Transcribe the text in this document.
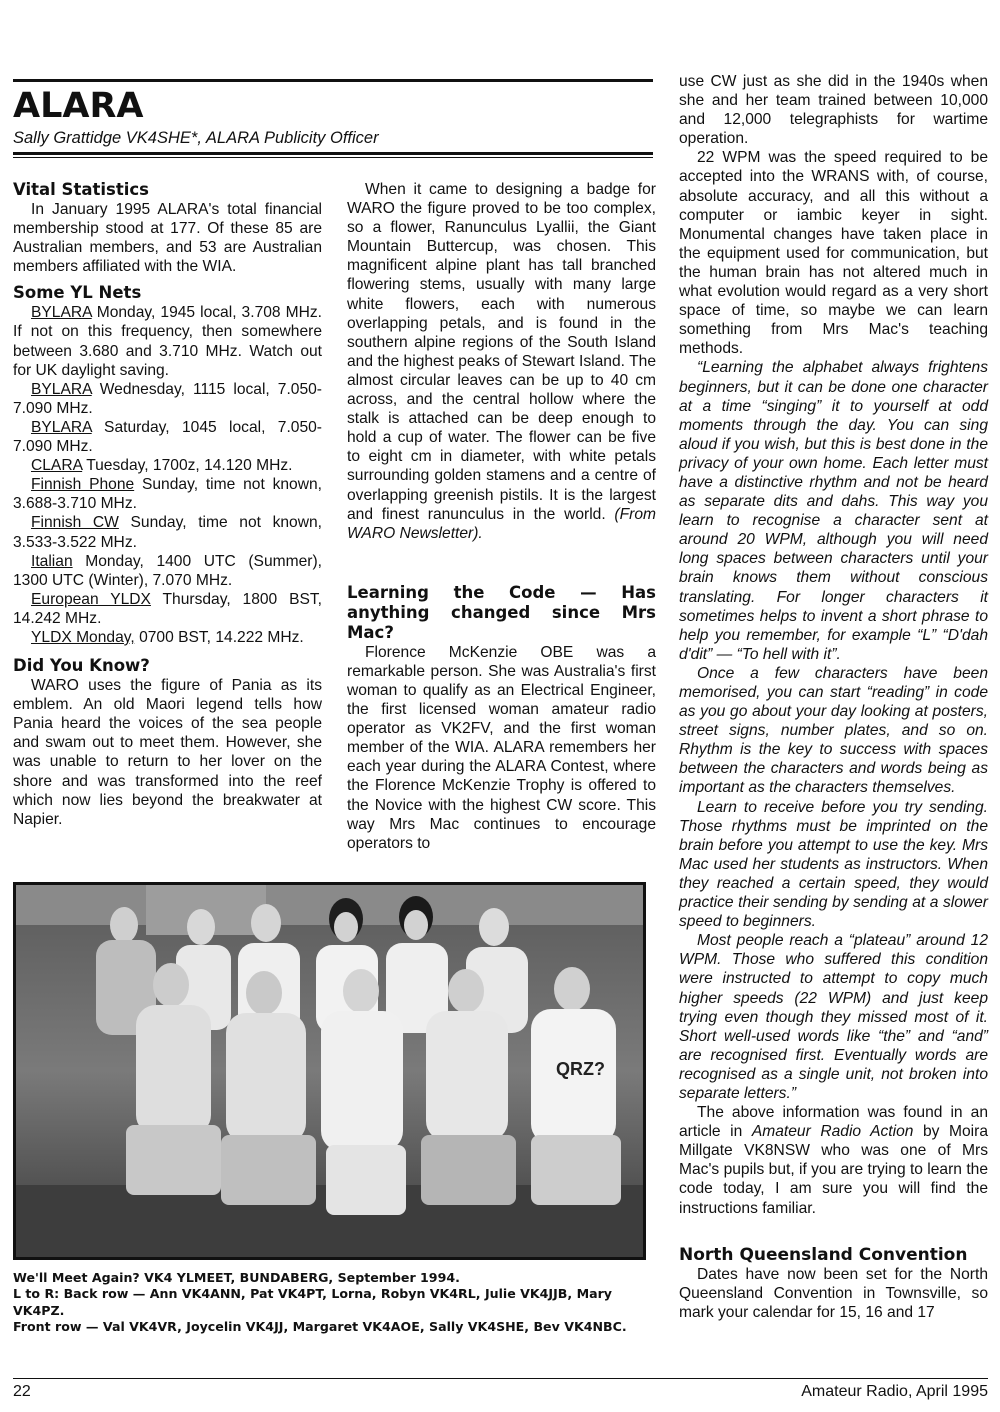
ALARA
Sally Grattidge VK4SHE*, ALARA Publicity Officer
Vital Statistics

In January 1995 ALARA's total financial membership stood at 177. Of these 85 are Australian members, and 53 are Australian members affiliated with the WIA.

Some YL Nets

BYLARA Monday, 1945 local, 3.708 MHz. If not on this frequency, then somewhere between 3.680 and 3.710 MHz. Watch out for UK daylight saving.

BYLARA Wednesday, 1115 local, 7.050-7.090 MHz.

BYLARA Saturday, 1045 local, 7.050-7.090 MHz.

CLARA Tuesday, 1700z, 14.120 MHz.

Finnish Phone Sunday, time not known, 3.688-3.710 MHz.

Finnish CW Sunday, time not known, 3.533-3.522 MHz.

Italian Monday, 1400 UTC (Summer), 1300 UTC (Winter), 7.070 MHz.

European YLDX Thursday, 1800 BST, 14.242 MHz.

YLDX Monday, 0700 BST, 14.222 MHz.

Did You Know?

WARO uses the figure of Pania as its emblem. An old Maori legend tells how Pania heard the voices of the sea people and swam out to meet them. However, she was unable to return to her lover on the shore and was transformed into the reef which now lies beyond the breakwater at Napier.

When it came to designing a badge for WARO the figure proved to be too complex, so a flower, Ranunculus Lyallii, the Giant Mountain Buttercup, was chosen. This magnificent alpine plant has tall branched flowering stems, usually with many large white flowers, each with numerous overlapping petals, and is found in the southern alpine regions of the South Island and the highest peaks of Stewart Island. The almost circular leaves can be up to 40 cm across, and the central hollow where the stalk is attached can be deep enough to hold a cup of water. The flower can be five to eight cm in diameter, with white petals surrounding golden stamens and a centre of overlapping greenish pistils. It is the largest and finest ranunculus in the world. (From WARO Newsletter).

Learning the Code — Has anything changed since Mrs Mac?

Florence McKenzie OBE was a remarkable person. She was Australia's first woman to qualify as an Electrical Engineer, the first licensed woman amateur radio operator as VK2FV, and the first woman member of the WIA. ALARA remembers her each year during the ALARA Contest, where the Florence McKenzie Trophy is offered to the Novice with the highest CW score. This way Mrs Mac continues to encourage operators to

use CW just as she did in the 1940s when she and her team trained between 10,000 and 12,000 telegraphists for wartime operation.

22 WPM was the speed required to be accepted into the WRANS with, of course, absolute accuracy, and all this without a computer or iambic keyer in sight. Monumental changes have taken place in the equipment used for communication, but the human brain has not altered much in what evolution would regard as a very short space of time, so maybe we can learn something from Mrs Mac's teaching methods.

“Learning the alphabet always frightens beginners, but it can be done one character at a time “singing” it to yourself at odd moments through the day. You can sing aloud if you wish, but this is best done in the privacy of your own home. Each letter must have a distinctive rhythm and not be heard as separate dits and dahs. This way you learn to recognise a character sent at around 20 WPM, although you will need long spaces between characters until your brain knows them without conscious translating. For longer characters it sometimes helps to invent a short phrase to help you remember, for example “L” “D'dah d'dit” — “To hell with it”.

Once a few characters have been memorised, you can start “reading” in code as you go about your day looking at posters, street signs, number plates, and so on. Rhythm is the key to success with spaces between the characters and words being as important as the characters themselves.

Learn to receive before you try sending. Those rhythms must be imprinted on the brain before you attempt to use the key. Mrs Mac used her students as instructors. When they reached a certain speed, they would practice their sending by sending at a slower speed to beginners.

Most people reach a “plateau” around 12 WPM. Those who suffered this condition were instructed to attempt to copy much higher speeds (22 WPM) and just keep trying even though they missed most of it. Short well-used words like “the” and “and” are recognised first. Eventually words are recognised as a single unit, not broken into separate letters.”

The above information was found in an article in Amateur Radio Action by Moira Millgate VK8NSW who was one of Mrs Mac's pupils but, if you are trying to learn the code today, I am sure you will find the instructions familiar.

North Queensland Convention

Dates have now been set for the North Queensland Convention in Townsville, so mark your calendar for 15, 16 and 17

QRZ?
We'll Meet Again? VK4 YLMEET, BUNDABERG, September 1994.
L to R: Back row — Ann VK4ANN, Pat VK4PT, Lorna, Robyn VK4RL, Julie VK4JJB, Mary VK4PZ.
Front row — Val VK4VR, Joycelin VK4JJ, Margaret VK4AOE, Sally VK4SHE, Bev VK4NBC.
22	Amateur Radio, April 1995
